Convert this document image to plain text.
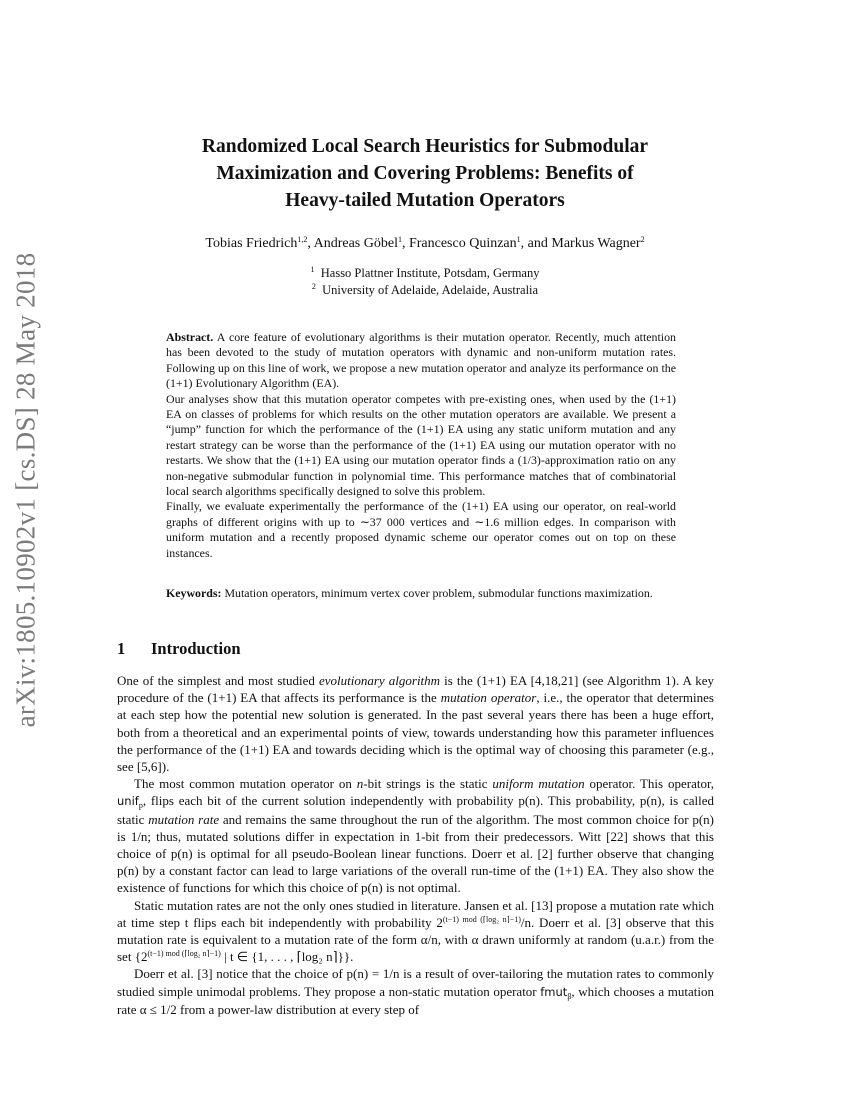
arXiv:1805.10902v1 [cs.DS] 28 May 2018
Randomized Local Search Heuristics for Submodular
Maximization and Covering Problems: Benefits of
Heavy-tailed Mutation Operators
Tobias Friedrich$^{1,2}$, Andreas Göbel$^1$, Francesco Quinzan$^1$, and Markus Wagner$^2$
$^1$ Hasso Plattner Institute, Potsdam, Germany
$^2$ University of Adelaide, Adelaide, Australia

Abstract. A core feature of evolutionary algorithms is their mutation operator. Recently, much attention has been devoted to the study of mutation operators with dynamic and non-uniform mutation rates. Following up on this line of work, we propose a new mutation operator and analyze its performance on the (1+1) Evolutionary Algorithm (EA).

Our analyses show that this mutation operator competes with pre-existing ones, when used by the (1+1) EA on classes of problems for which results on the other mutation operators are available. We present a “jump” function for which the performance of the (1+1) EA using any static uniform mutation and any restart strategy can be worse than the performance of the (1+1) EA using our mutation operator with no restarts. We show that the (1+1) EA using our mutation operator finds a (1/3)-approximation ratio on any non-negative submodular function in polynomial time. This performance matches that of combinatorial local search algorithms specifically designed to solve this problem.

Finally, we evaluate experimentally the performance of the (1+1) EA using our operator, on real-world graphs of different origins with up to ∼37 000 vertices and ∼1.6 million edges. In comparison with uniform mutation and a recently proposed dynamic scheme our operator comes out on top on these instances.

Keywords: Mutation operators, minimum vertex cover problem, submodular functions maximization.
1 Introduction

One of the simplest and most studied evolutionary algorithm is the (1+1) EA [4,18,21] (see Algorithm 1). A key procedure of the (1+1) EA that affects its performance is the mutation operator, i.e., the operator that determines at each step how the potential new solution is generated. In the past several years there has been a huge effort, both from a theoretical and an experimental points of view, towards understanding how this parameter influences the performance of the (1+1) EA and towards deciding which is the optimal way of choosing this parameter (e.g., see [5,6]).

The most common mutation operator on n-bit strings is the static uniform mutation operator. This operator, unif$_p$, flips each bit of the current solution independently with probability p(n). This probability, p(n), is called static mutation rate and remains the same throughout the run of the algorithm. The most common choice for p(n) is 1/n; thus, mutated solutions differ in expectation in 1-bit from their predecessors. Witt [22] shows that this choice of p(n) is optimal for all pseudo-Boolean linear functions. Doerr et al. [2] further observe that changing p(n) by a constant factor can lead to large variations of the overall run-time of the (1+1) EA. They also show the existence of functions for which this choice of p(n) is not optimal.

Static mutation rates are not the only ones studied in literature. Jansen et al. [13] propose a mutation rate which at time step t flips each bit independently with probability $2^{(t-1) mod (⌈log_2 n⌉-1)}/n$. Doerr et al. [3] observe that this mutation rate is equivalent to a mutation rate of the form α/n, with α drawn uniformly at random (u.a.r.) from the set {$2^{(t-1) mod (⌈log_2 n⌉-1)}$ | t ∈ {1, . . . , ⌈log₂ n⌉}}.

Doerr et al. [3] notice that the choice of p(n) = 1/n is a result of over-tailoring the mutation rates to commonly studied simple unimodal problems. They propose a non-static mutation operator fmut$_\beta$, which chooses a mutation rate α ≤ 1/2 from a power-law distribution at every step of
